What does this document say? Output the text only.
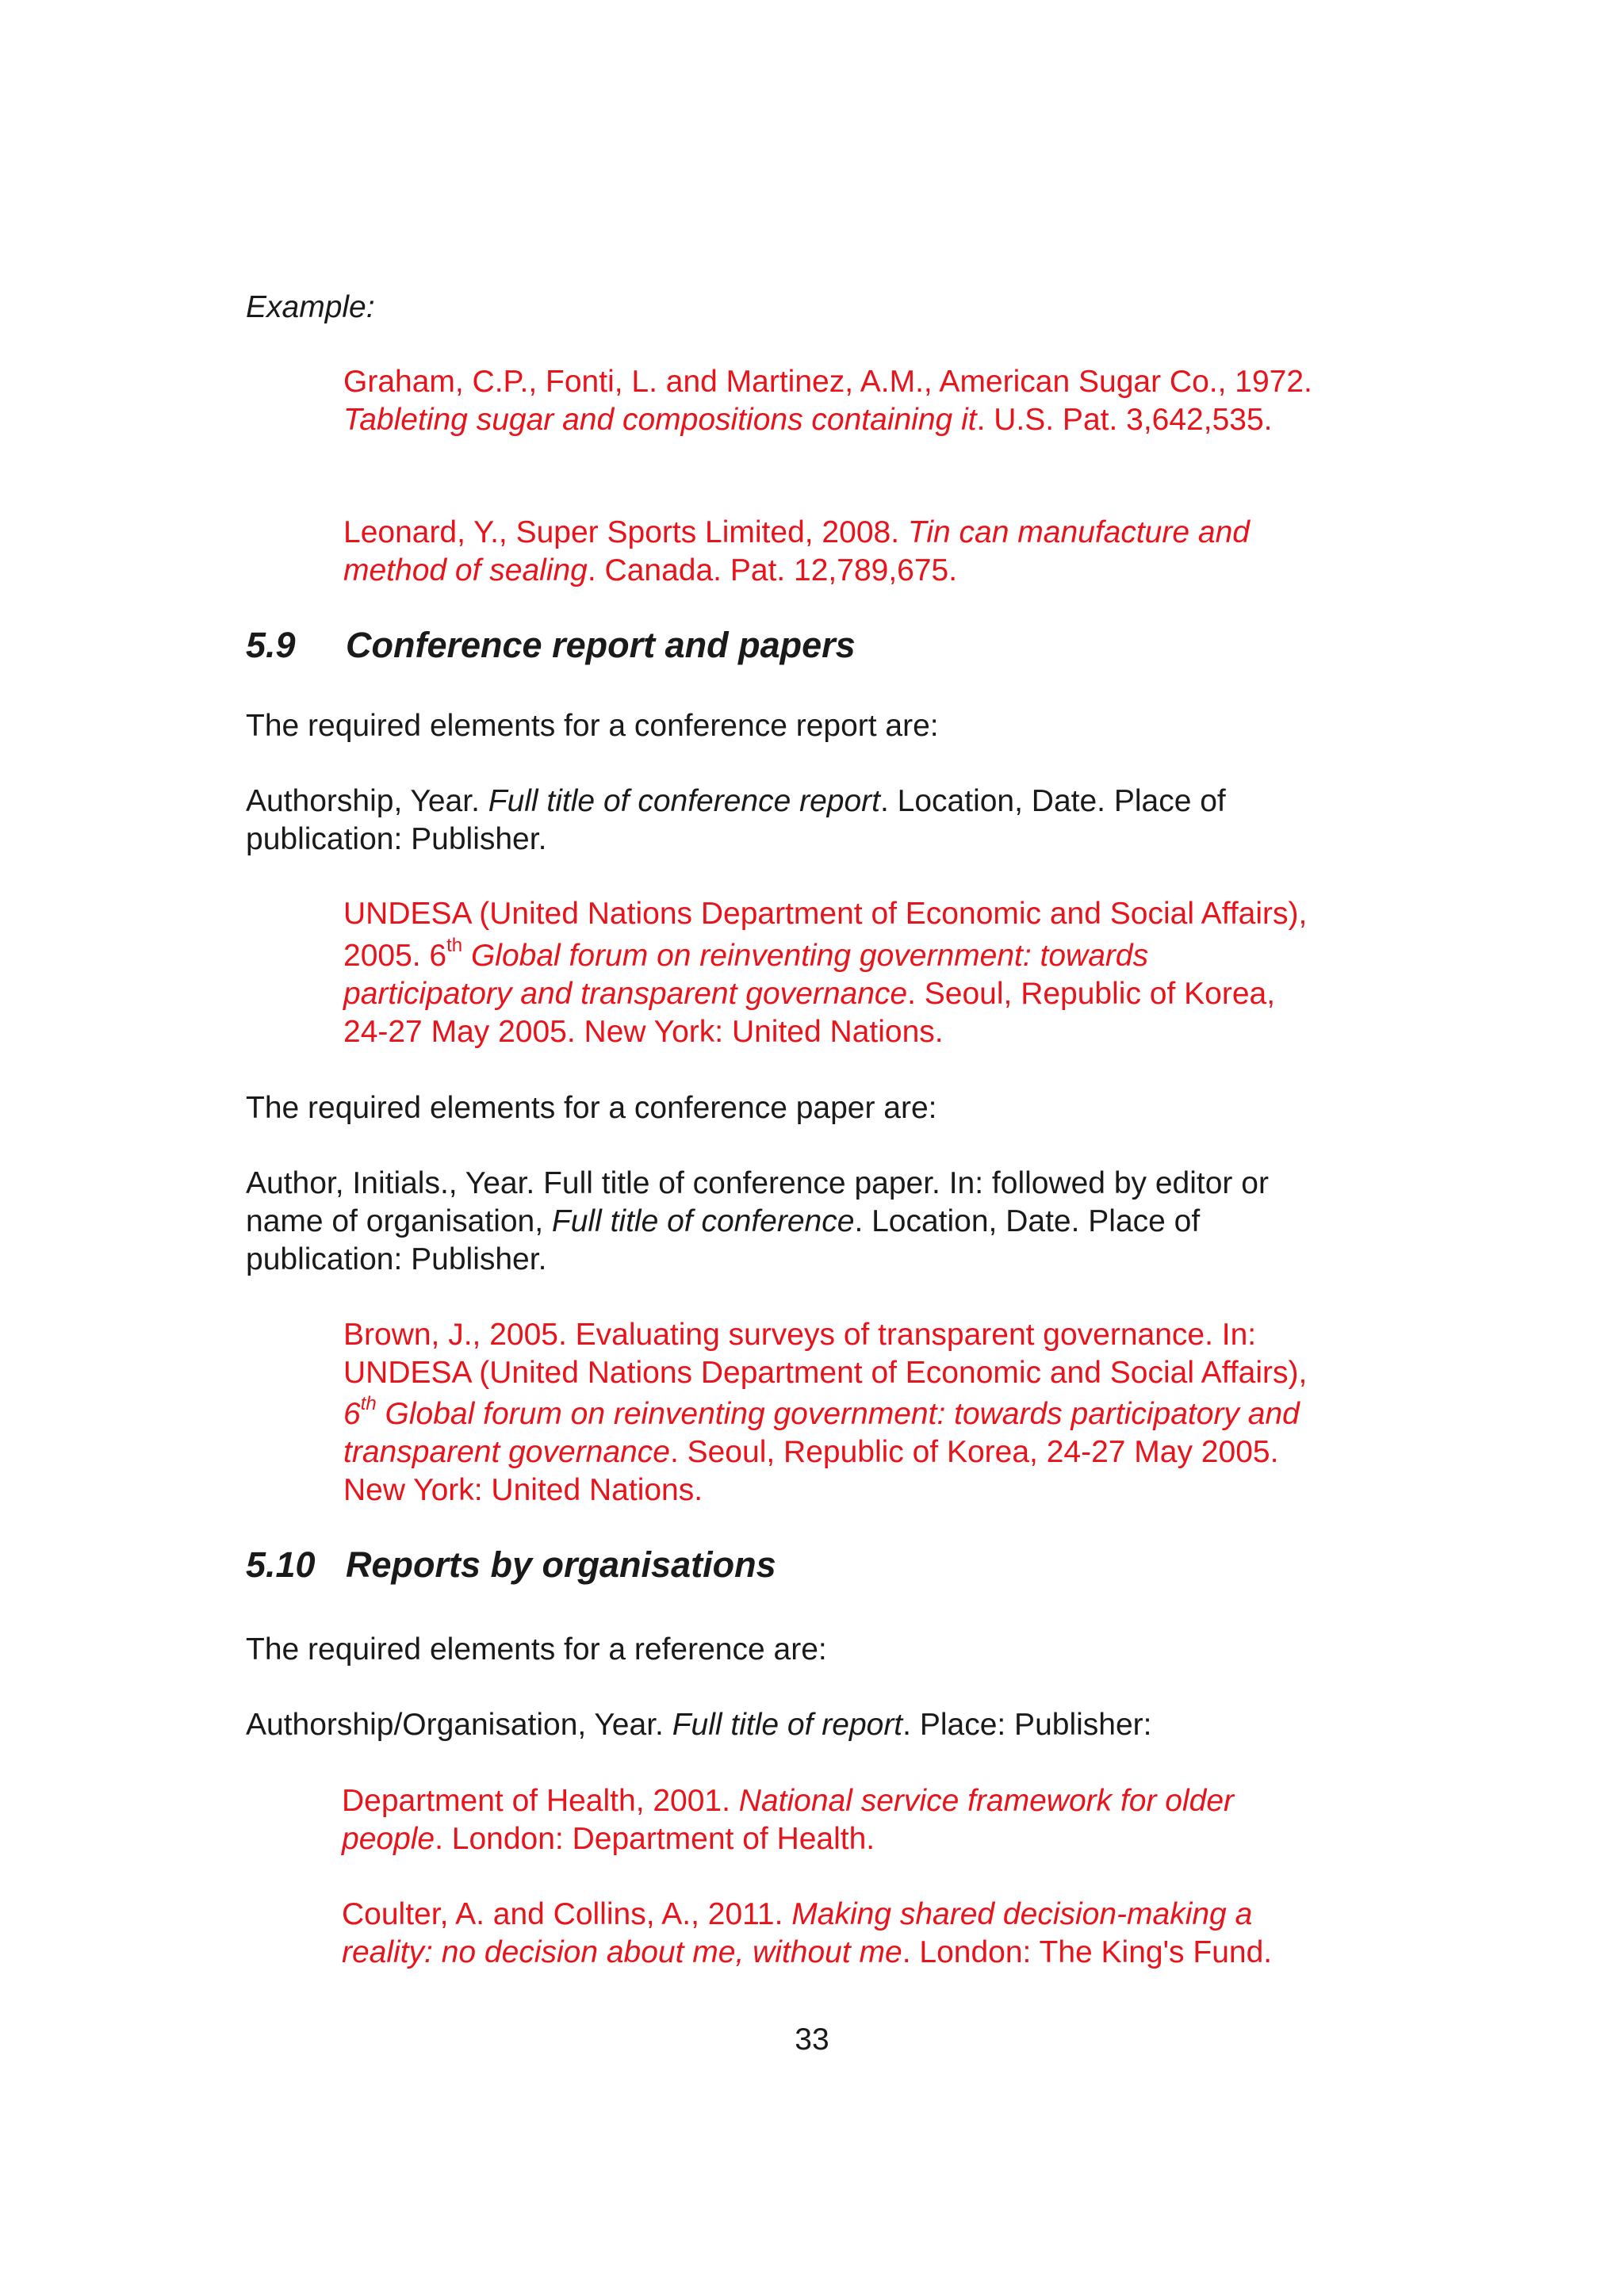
Example:
Graham, C.P., Fonti, L. and Martinez, A.M., American Sugar Co., 1972.
Tableting sugar and compositions containing it. U.S. Pat. 3,642,535.
Leonard, Y., Super Sports Limited, 2008. Tin can manufacture and
method of sealing. Canada. Pat. 12,789,675.
5.9 Conference report and papers
The required elements for a conference report are:
Authorship, Year. Full title of conference report. Location, Date. Place of
publication: Publisher.
UNDESA (United Nations Department of Economic and Social Affairs),
2005. 6th Global forum on reinventing government: towards
participatory and transparent governance. Seoul, Republic of Korea,
24-27 May 2005. New York: United Nations.
The required elements for a conference paper are:
Author, Initials., Year. Full title of conference paper. In: followed by editor or
name of organisation, Full title of conference. Location, Date. Place of
publication: Publisher.
Brown, J., 2005. Evaluating surveys of transparent governance. In:
UNDESA (United Nations Department of Economic and Social Affairs),
6th Global forum on reinventing government: towards participatory and
transparent governance. Seoul, Republic of Korea, 24-27 May 2005.
New York: United Nations.
5.10 Reports by organisations
The required elements for a reference are:
Authorship/Organisation, Year. Full title of report. Place: Publisher:
Department of Health, 2001. National service framework for older
people. London: Department of Health.
Coulter, A. and Collins, A., 2011. Making shared decision-making a
reality: no decision about me, without me. London: The King's Fund.
33
